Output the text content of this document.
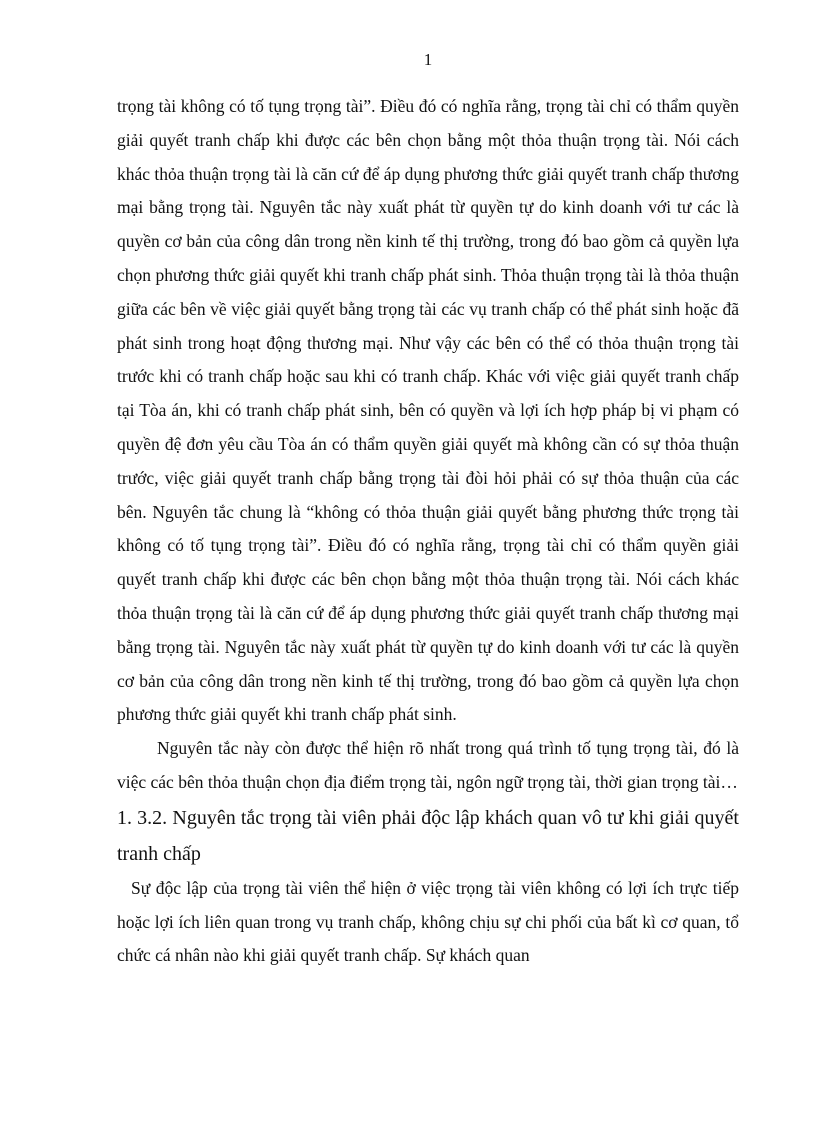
1

trọng tài không có tố tụng trọng tài”. Điều đó có nghĩa rằng, trọng tài chỉ có thẩm quyền giải quyết tranh chấp khi được các bên chọn bằng một thỏa thuận trọng tài. Nói cách khác thỏa thuận trọng tài là căn cứ để áp dụng phương thức giải quyết tranh chấp thương mại bằng trọng tài. Nguyên tắc này xuất phát từ quyền tự do kinh doanh với tư các là quyền cơ bản của công dân trong nền kinh tế thị trường, trong đó bao gồm cả quyền lựa chọn phương thức giải quyết khi tranh chấp phát sinh. Thỏa thuận trọng tài là thỏa thuận giữa các bên về việc giải quyết bằng trọng tài các vụ tranh chấp có thể phát sinh hoặc đã phát sinh trong hoạt động thương mại. Như vậy các bên có thể có thỏa thuận trọng tài trước khi có tranh chấp hoặc sau khi có tranh chấp. Khác với việc giải quyết tranh chấp tại Tòa án, khi có tranh chấp phát sinh, bên có quyền và lợi ích hợp pháp bị vi phạm có quyền đệ đơn yêu cầu Tòa án có thẩm quyền giải quyết mà không cần có sự thỏa thuận trước, việc giải quyết tranh chấp bằng trọng tài đòi hỏi phải có sự thỏa thuận của các bên. Nguyên tắc chung là “không có thỏa thuận giải quyết bằng phương thức trọng tài không có tố tụng trọng tài”. Điều đó có nghĩa rằng, trọng tài chỉ có thẩm quyền giải quyết tranh chấp khi được các bên chọn bằng một thỏa thuận trọng tài. Nói cách khác thỏa thuận trọng tài là căn cứ để áp dụng phương thức giải quyết tranh chấp thương mại bằng trọng tài. Nguyên tắc này xuất phát từ quyền tự do kinh doanh với tư các là quyền cơ bản của công dân trong nền kinh tế thị trường, trong đó bao gồm cả quyền lựa chọn phương thức giải quyết khi tranh chấp phát sinh.

Nguyên tắc này còn được thể hiện rõ nhất trong quá trình tố tụng trọng tài, đó là việc các bên thỏa thuận chọn địa điểm trọng tài, ngôn ngữ trọng tài, thời gian trọng tài…

1. 3.2. Nguyên tắc trọng tài viên phải độc lập khách quan vô tư khi giải quyết tranh chấp

Sự độc lập của trọng tài viên thể hiện ở việc trọng tài viên không có lợi ích trực tiếp hoặc lợi ích liên quan trong vụ tranh chấp, không chịu sự chi phối của bất kì cơ quan, tổ chức cá nhân nào khi giải quyết tranh chấp. Sự khách quan
